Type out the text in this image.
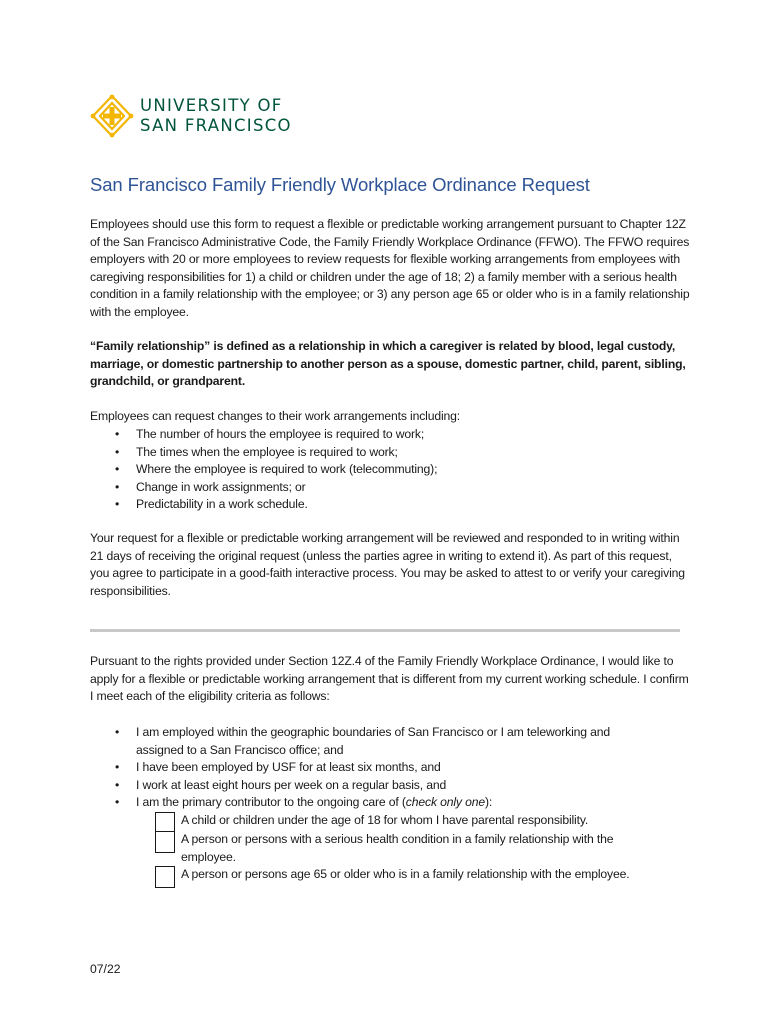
UNIVERSITY OF
SAN FRANCISCO
San Francisco Family Friendly Workplace Ordinance Request

Employees should use this form to request a flexible or predictable working arrangement pursuant to Chapter 12Z of the San Francisco Administrative Code, the Family Friendly Workplace Ordinance (FFWO). The FFWO requires employers with 20 or more employees to review requests for flexible working arrangements from employees with caregiving responsibilities for 1) a child or children under the age of 18; 2) a family member with a serious health condition in a family relationship with the employee; or 3) any person age 65 or older who is in a family relationship with the employee.

“Family relationship” is defined as a relationship in which a caregiver is related by blood, legal custody, marriage, or domestic partnership to another person as a spouse, domestic partner, child, parent, sibling, grandchild, or grandparent.

Employees can request changes to their work arrangements including:

• The number of hours the employee is required to work;
• The times when the employee is required to work;
• Where the employee is required to work (telecommuting);
• Change in work assignments; or
• Predictability in a work schedule.

Your request for a flexible or predictable working arrangement will be reviewed and responded to in writing within 21 days of receiving the original request (unless the parties agree in writing to extend it). As part of this request, you agree to participate in a good-faith interactive process. You may be asked to attest to or verify your caregiving responsibilities.

Pursuant to the rights provided under Section 12Z.4 of the Family Friendly Workplace Ordinance, I would like to apply for a flexible or predictable working arrangement that is different from my current working schedule. I confirm I meet each of the eligibility criteria as follows:

• I am employed within the geographic boundaries of San Francisco or I am teleworking and assigned to a San Francisco office; and
• I have been employed by USF for at least six months, and
• I work at least eight hours per week on a regular basis, and
• I am the primary contributor to the ongoing care of (check only one):
A child or children under the age of 18 for whom I have parental responsibility.
A person or persons with a serious health condition in a family relationship with the employee.
A person or persons age 65 or older who is in a family relationship with the employee.

07/22
